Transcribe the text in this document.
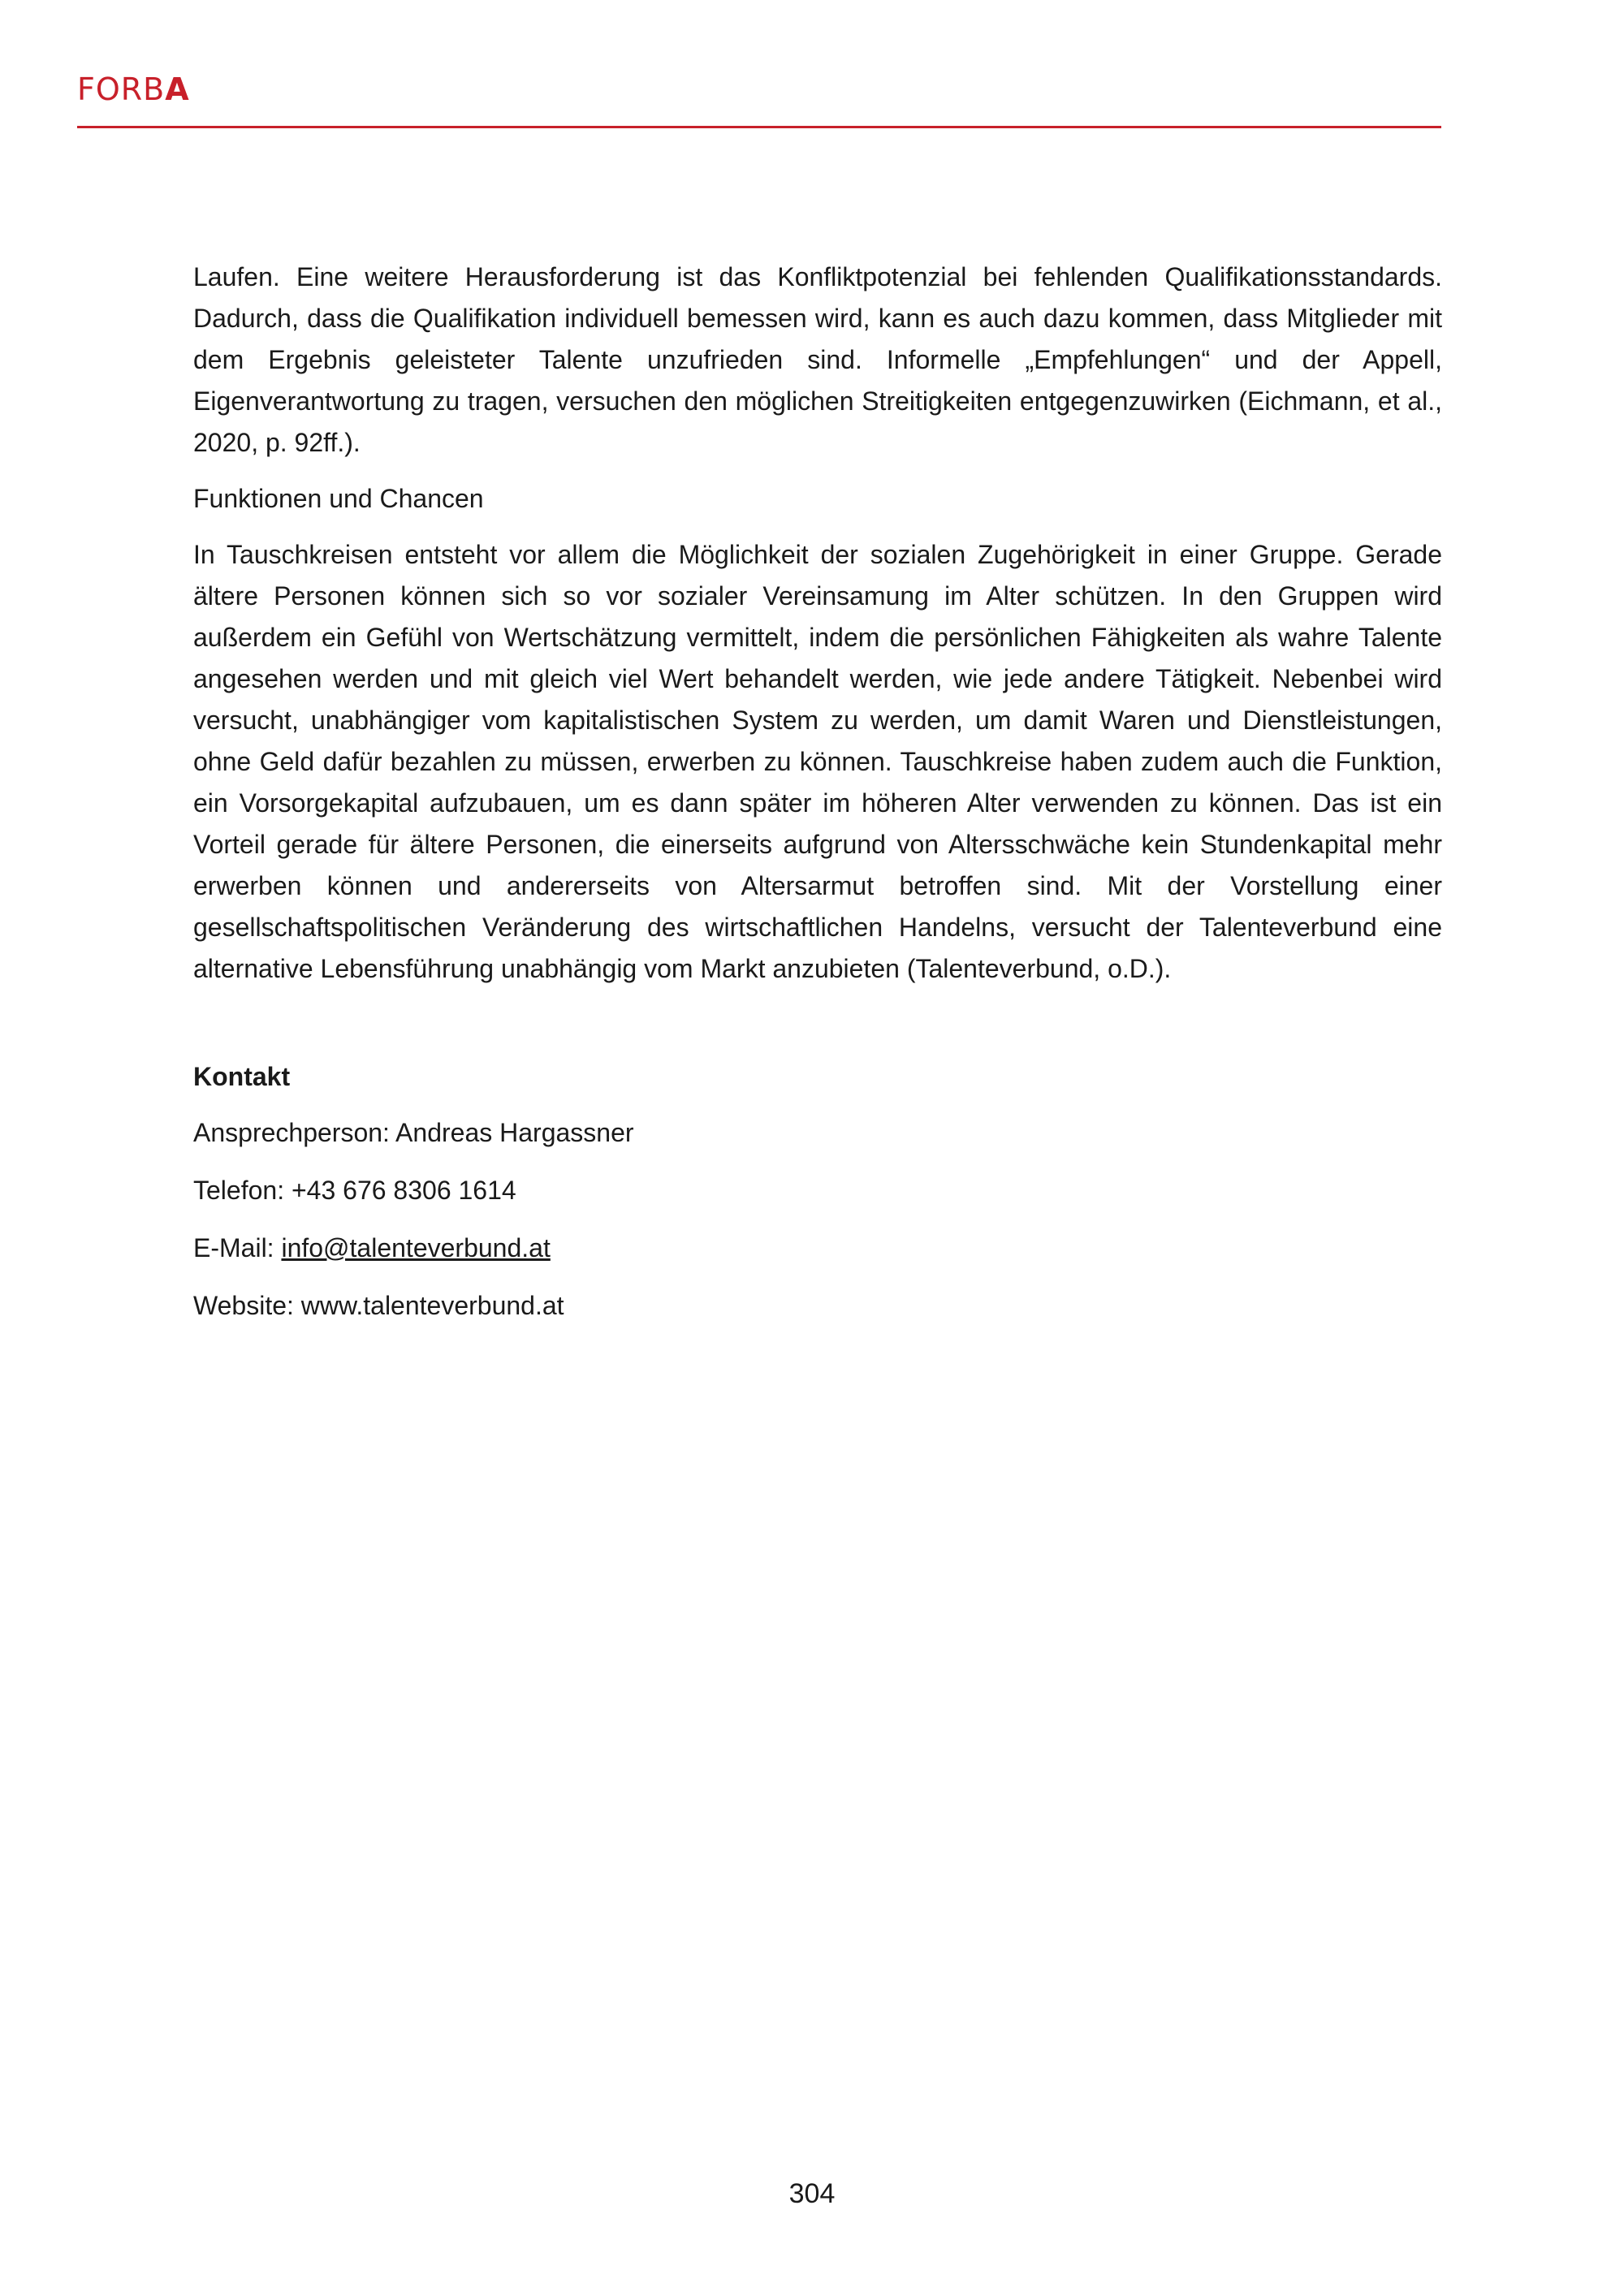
FORBA

Laufen. Eine weitere Herausforderung ist das Konfliktpotenzial bei fehlenden Qualifikationsstandards. Dadurch, dass die Qualifikation individuell bemessen wird, kann es auch dazu kommen, dass Mitglieder mit dem Ergebnis geleisteter Talente unzufrieden sind. Informelle „Empfehlungen“ und der Appell, Eigenverantwortung zu tragen, versuchen den möglichen Streitigkeiten entgegenzuwirken (Eichmann, et al., 2020, p. 92ff.).

Funktionen und Chancen

In Tauschkreisen entsteht vor allem die Möglichkeit der sozialen Zugehörigkeit in einer Gruppe. Gerade ältere Personen können sich so vor sozialer Vereinsamung im Alter schützen. In den Gruppen wird außerdem ein Gefühl von Wertschätzung vermittelt, indem die persönlichen Fähigkeiten als wahre Talente angesehen werden und mit gleich viel Wert behandelt werden, wie jede andere Tätigkeit. Nebenbei wird versucht, unabhängiger vom kapitalistischen System zu werden, um damit Waren und Dienstleistungen, ohne Geld dafür bezahlen zu müssen, erwerben zu können. Tauschkreise haben zudem auch die Funktion, ein Vorsorgekapital aufzubauen, um es dann später im höheren Alter verwenden zu können. Das ist ein Vorteil gerade für ältere Personen, die einerseits aufgrund von Altersschwäche kein Stundenkapital mehr erwerben können und andererseits von Altersarmut betroffen sind. Mit der Vorstellung einer gesellschaftspolitischen Veränderung des wirtschaftlichen Handelns, versucht der Talenteverbund eine alternative Lebensführung unabhängig vom Markt anzubieten (Talenteverbund, o.D.).

Kontakt

Ansprechperson: Andreas Hargassner

Telefon: +43 676 8306 1614

E-Mail: info@talenteverbund.at

Website: www.talenteverbund.at

304
